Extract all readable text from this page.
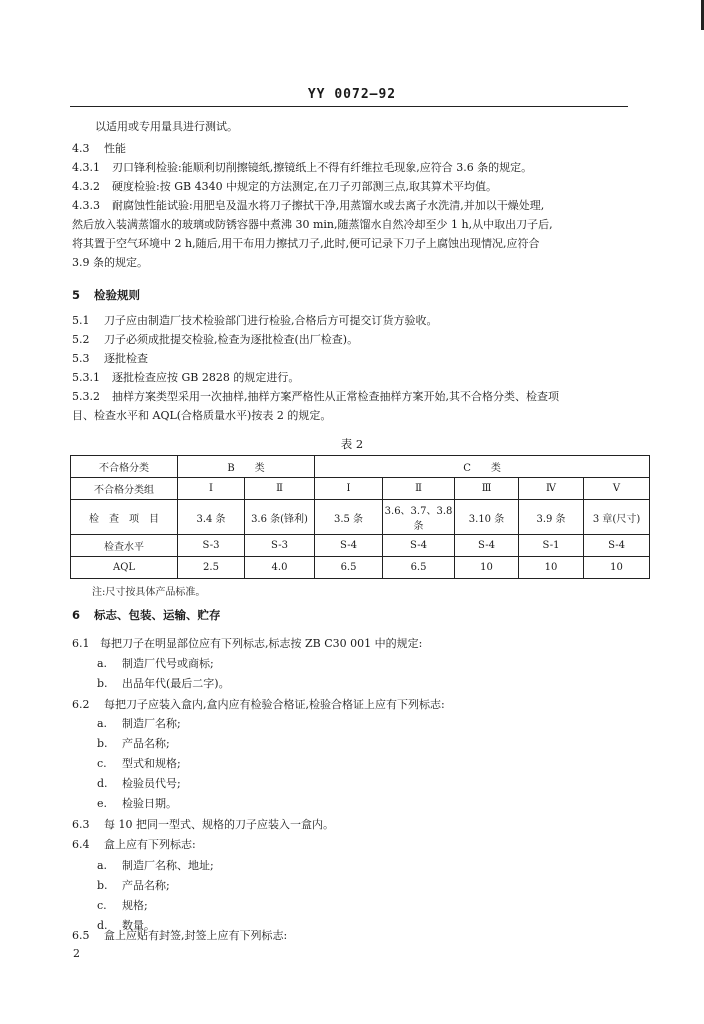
YY 0072—92
以适用或专用量具进行测试。
4.3 性能
4.3.1 刃口锋利检验:能顺利切削擦镜纸,擦镜纸上不得有纤维拉毛现象,应符合 3.6 条的规定。
4.3.2 硬度检验:按 GB 4340 中规定的方法测定,在刀子刃部测三点,取其算术平均值。
4.3.3 耐腐蚀性能试验:用肥皂及温水将刀子擦拭干净,用蒸馏水或去离子水洗清,并加以干燥处理,
然后放入装满蒸馏水的玻璃或防锈容器中煮沸 30 min,随蒸馏水自然冷却至少 1 h,从中取出刀子后,
将其置于空气环境中 2 h,随后,用干布用力擦拭刀子,此时,便可记录下刀子上腐蚀出现情况,应符合
3.9 条的规定。
5 检验规则
5.1 刀子应由制造厂技术检验部门进行检验,合格后方可提交订货方验收。
5.2 刀子必须成批提交检验,检查为逐批检查(出厂检查)。
5.3 逐批检查
5.3.1 逐批检查应按 GB 2828 的规定进行。
5.3.2 抽样方案类型采用一次抽样,抽样方案严格性从正常检查抽样方案开始,其不合格分类、检查项
目、检查水平和 AQL(合格质量水平)按表 2 的规定。
表 2
不合格分类	B　　类		C　　类				
不合格分类组	Ⅰ	Ⅱ	Ⅰ	Ⅱ	Ⅲ	Ⅳ	Ⅴ
检　查　项　目	3.4 条	3.6 条(锋利)	3.5 条	3.6、3.7、3.8 条	3.10 条	3.9 条	3 章(尺寸)
检查水平	S-3	S-3	S-4	S-4	S-4	S-1	S-4
AQL	2.5	4.0	6.5	6.5	10	10	10
注:尺寸按具体产品标准。
6 标志、包装、运输、贮存
6.1 每把刀子在明显部位应有下列标志,标志按 ZB C30 001 中的规定:
a. 制造厂代号或商标;
b. 出品年代(最后二字)。
6.2 每把刀子应装入盒内,盒内应有检验合格证,检验合格证上应有下列标志:
a. 制造厂名称;
b. 产品名称;
c. 型式和规格;
d. 检验员代号;
e. 检验日期。
6.3 每 10 把同一型式、规格的刀子应装入一盒内。
6.4 盒上应有下列标志:
a. 制造厂名称、地址;
b. 产品名称;
c. 规格;
d. 数量。
6.5 盒上应贴有封签,封签上应有下列标志:
2
